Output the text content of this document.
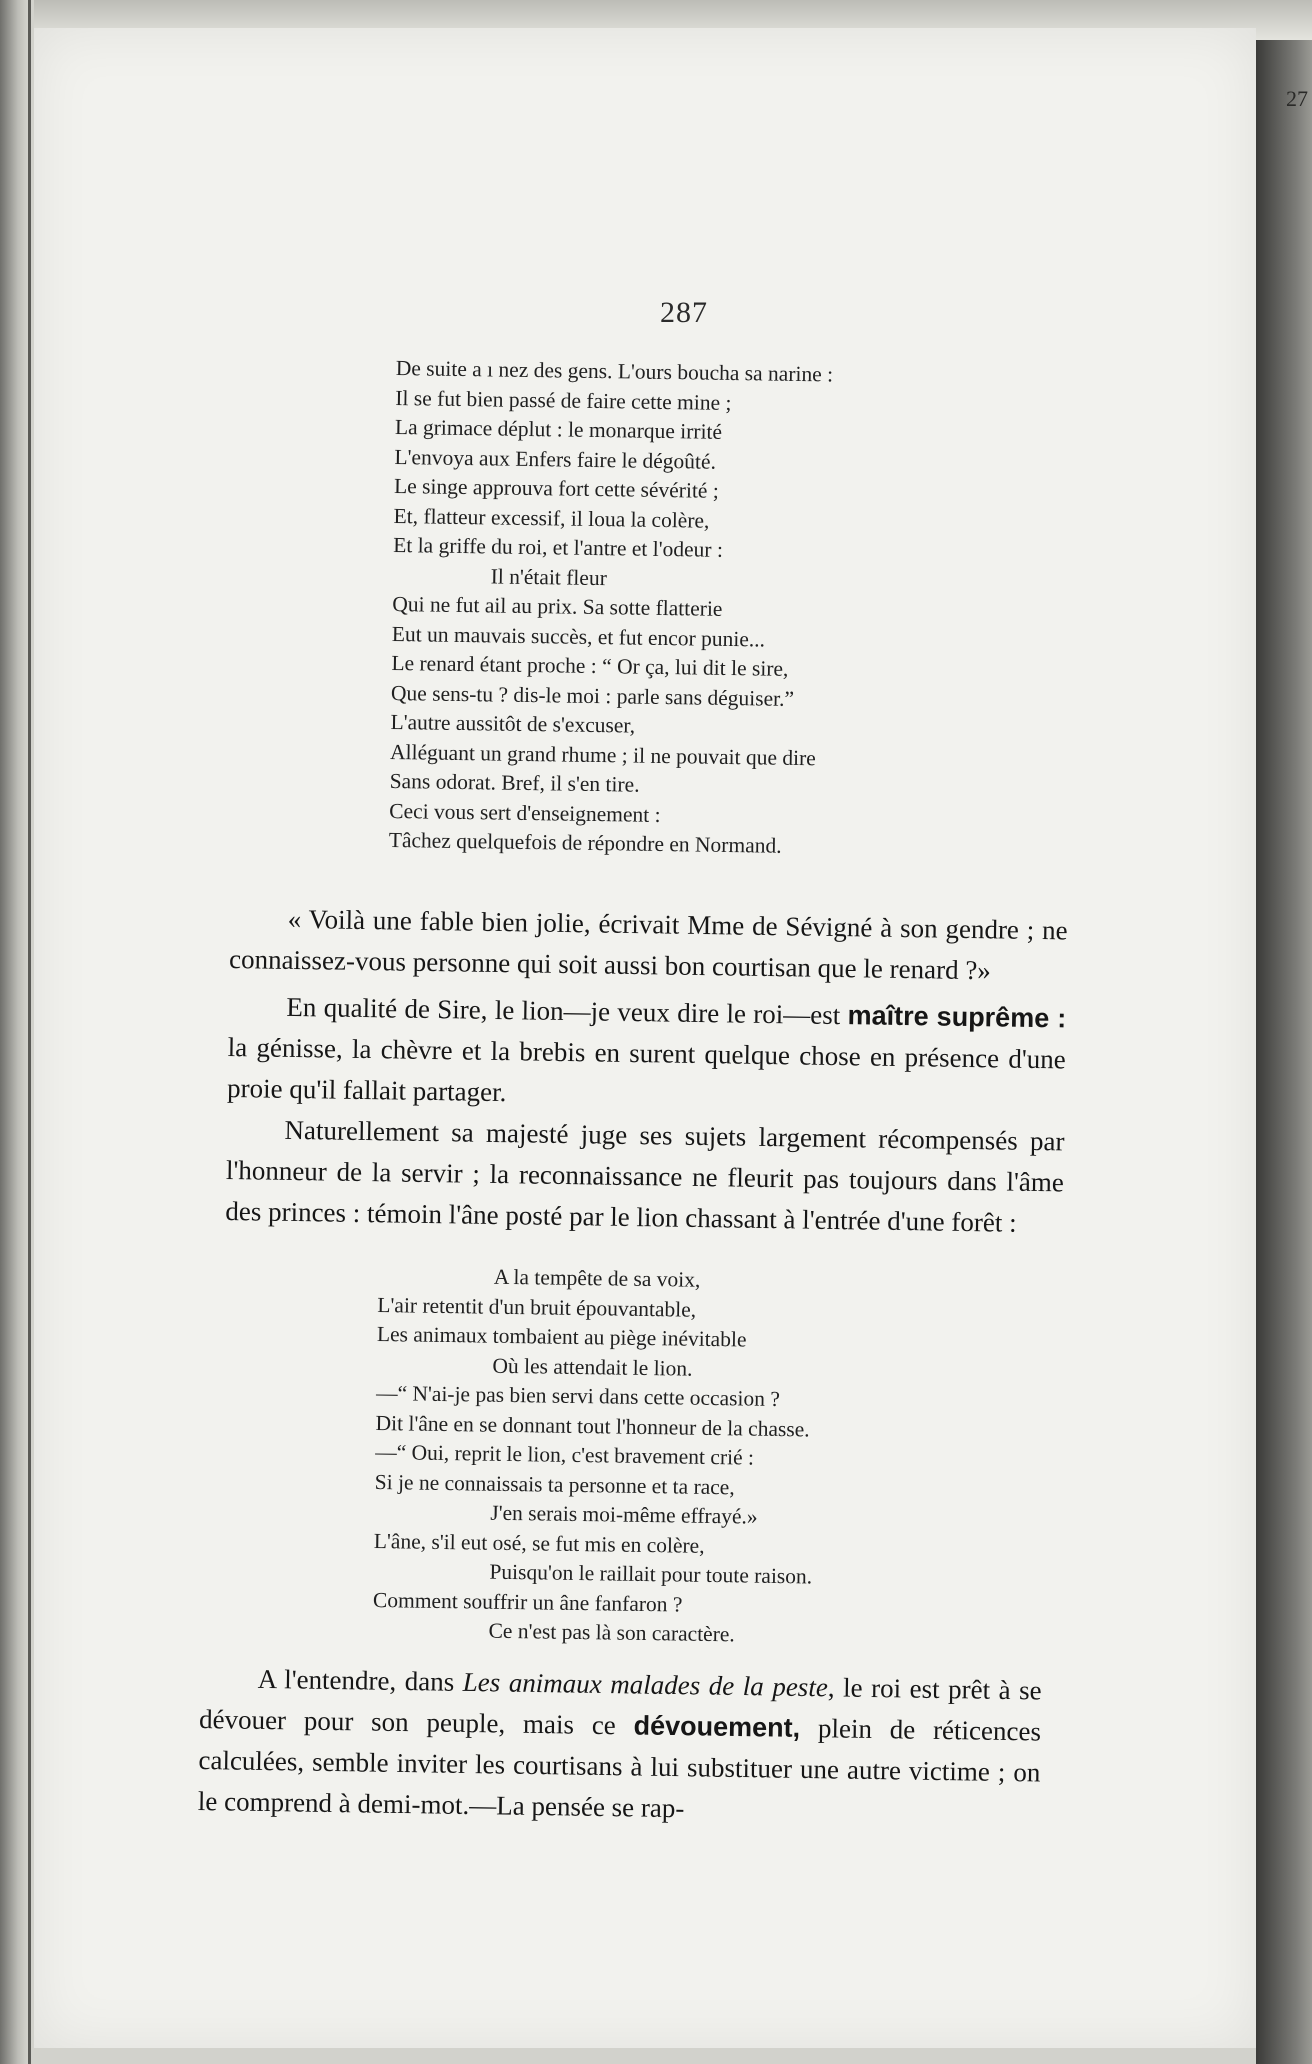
27
287
De suite a ı nez des gens. L'ours boucha sa narine :
Il se fut bien passé de faire cette mine ;
La grimace déplut : le monarque irrité
L'envoya aux Enfers faire le dégoûté.
Le singe approuva fort cette sévérité ;
Et, flatteur excessif, il loua la colère,
Et la griffe du roi, et l'antre et l'odeur :
Il n'était fleur
Qui ne fut ail au prix. Sa sotte flatterie
Eut un mauvais succès, et fut encor punie...
Le renard étant proche : “ Or ça, lui dit le sire,
Que sens-tu ? dis-le moi : parle sans déguiser.”
L'autre aussitôt de s'excuser,
Alléguant un grand rhume ; il ne pouvait que dire
Sans odorat. Bref, il s'en tire.
Ceci vous sert d'enseignement :
Tâchez quelquefois de répondre en Normand.

« Voilà une fable bien jolie, écrivait Mme de Sévigné à son gendre ; ne connaissez-vous personne qui soit aussi bon courtisan que le renard ?»

En qualité de Sire, le lion—je veux dire le roi—est maître suprême : la génisse, la chèvre et la brebis en surent quelque chose en présence d'une proie qu'il fallait partager.

Naturellement sa majesté juge ses sujets largement récompensés par l'honneur de la servir ; la reconnaissance ne fleurit pas toujours dans l'âme des princes : témoin l'âne posté par le lion chassant à l'entrée d'une forêt :

A la tempête de sa voix,
L'air retentit d'un bruit épouvantable,
Les animaux tombaient au piège inévitable
Où les attendait le lion.
—“ N'ai-je pas bien servi dans cette occasion ?
Dit l'âne en se donnant tout l'honneur de la chasse.
—“ Oui, reprit le lion, c'est bravement crié :
Si je ne connaissais ta personne et ta race,
J'en serais moi-même effrayé.»
L'âne, s'il eut osé, se fut mis en colère,
Puisqu'on le raillait pour toute raison.
Comment souffrir un âne fanfaron ?
Ce n'est pas là son caractère.

A l'entendre, dans Les animaux malades de la peste, le roi est prêt à se dévouer pour son peuple, mais ce dévouement, plein de réticences calculées, semble inviter les courtisans à lui substituer une autre victime ; on le comprend à demi-mot.—La pensée se rap-
